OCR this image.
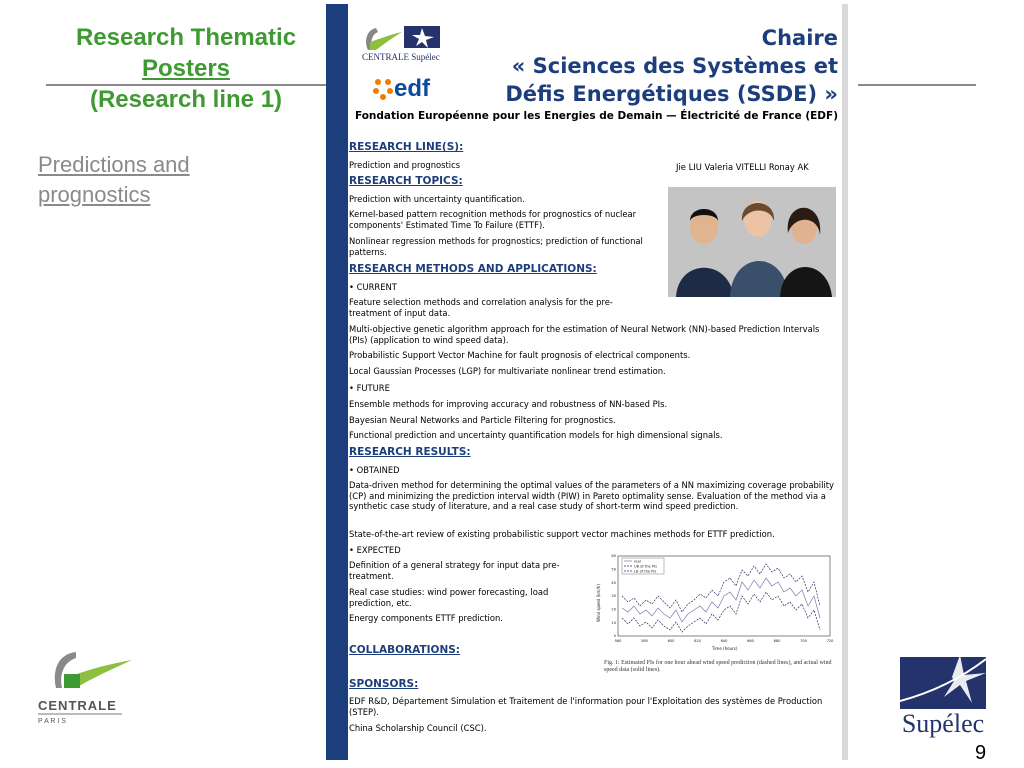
Research Thematic
Posters
(Research line 1)
Predictions and prognostics
CENTRALE
P A R I S	Supélec
9
CENTRALE Supélec
edf
Chaire
« Sciences des Systèmes et
Défis Energétiques (SSDE) »
Fondation Européenne pour les Energies de Demain — Électricité de France (EDF)
Jie LIU Valeria VITELLI Ronay AK
RESEARCH LINE(S):
Prediction and prognostics
RESEARCH TOPICS:
Prediction with uncertainty quantification.
Kernel-based pattern recognition methods for prognostics of nuclear components' Estimated Time To Failure (ETTF).
Nonlinear regression methods for prognostics; prediction of functional patterns.
RESEARCH METHODS AND APPLICATIONS:
• CURRENT
Feature selection methods and correlation analysis for the pre-treatment of input data.
Multi-objective genetic algorithm approach for the estimation of Neural Network (NN)-based Prediction Intervals (PIs) (application to wind speed data).
Probabilistic Support Vector Machine for fault prognosis of electrical components.
Local Gaussian Processes (LGP) for multivariate nonlinear trend estimation.
• FUTURE
Ensemble methods for improving accuracy and robustness of NN-based PIs.
Bayesian Neural Networks and Particle Filtering for prognostics.
Functional prediction and uncertainty quantification models for high dimensional signals.
RESEARCH RESULTS:
• OBTAINED
Data-driven method for determining the optimal values of the parameters of a NN maximizing coverage probability (CP) and minimizing the prediction interval width (PIW) in Pareto optimality sense. Evaluation of the method via a synthetic case study of literature, and a real case study of short-term wind speed prediction.
State-of-the-art review of existing probabilistic support vector machines methods for ETTF prediction.
• EXPECTED
Definition of a general strategy for input data pre-treatment.
Real case studies: wind power forecasting, load prediction, etc.
Energy components ETTF prediction.
COLLABORATIONS:
SPONSORS:
EDF R&D, Département Simulation et Traitement de l'information pour l'Exploitation des systèmes de Production (STEP).
China Scholarship Council (CSC).
60
50
40
30
20
10
0
560	580	600	620	640	660	680	700	720
real
UB of the PIs
LB of the PIs
Wind speed (km/h)
Time (hours)
Fig. 1: Estimated PIs for one hour ahead wind speed prediction (dashed lines), and actual wind speed data (solid lines).
